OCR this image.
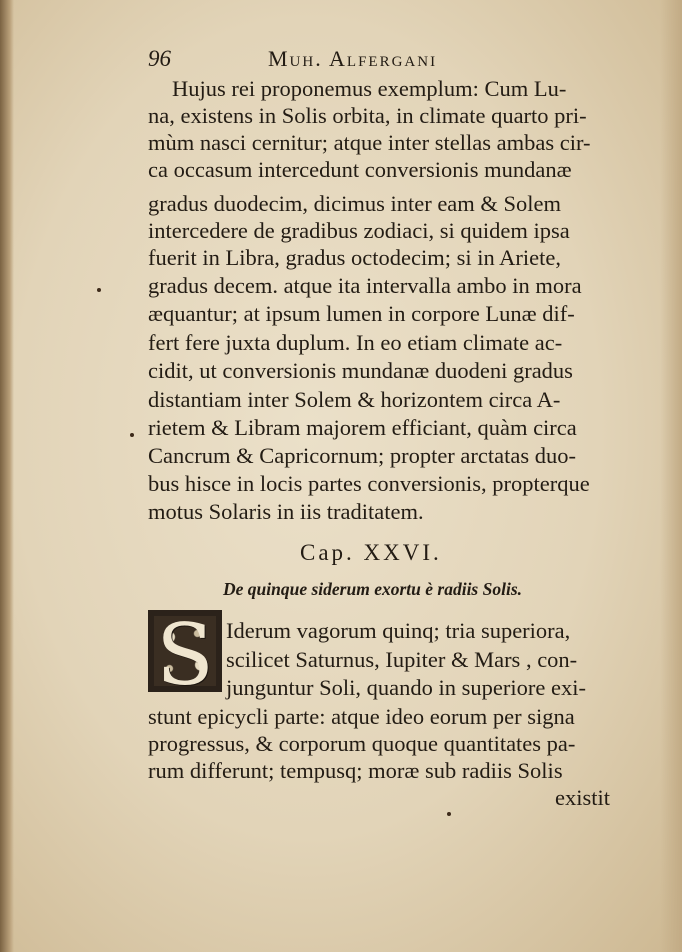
96	Muh. Alfergani
Hujus rei proponemus exemplum: Cum Lu-
na, existens in Solis orbita, in climate quarto pri-
mùm nasci cernitur; atque inter stellas ambas cir-
ca occasum intercedunt conversionis mundanæ
gradus duodecim, dicimus inter eam & Solem
intercedere de gradibus zodiaci, si quidem ipsa
fuerit in Libra, gradus octodecim; si in Ariete,
gradus decem. atque ita intervalla ambo in mora
æquantur; at ipsum lumen in corpore Lunæ dif-
fert fere juxta duplum. In eo etiam climate ac-
cidit, ut conversionis mundanæ duodeni gradus
distantiam inter Solem & horizontem circa A-
rietem & Libram majorem efficiant, quàm circa
Cancrum & Capricornum; propter arctatas duo-
bus hisce in locis partes conversionis, propterque
motus Solaris in iis traditatem.
Cap. XXVI.
De quinque siderum exortu è radiis Solis.
S Iderum vagorum quinq; tria superiora,
scilicet Saturnus, Iupiter & Mars , con-
junguntur Soli, quando in superiore exi-
stunt epicycli parte: atque ideo eorum per signa
progressus, & corporum quoque quantitates pa-
rum differunt; tempusq; moræ sub radiis Solis
existit
